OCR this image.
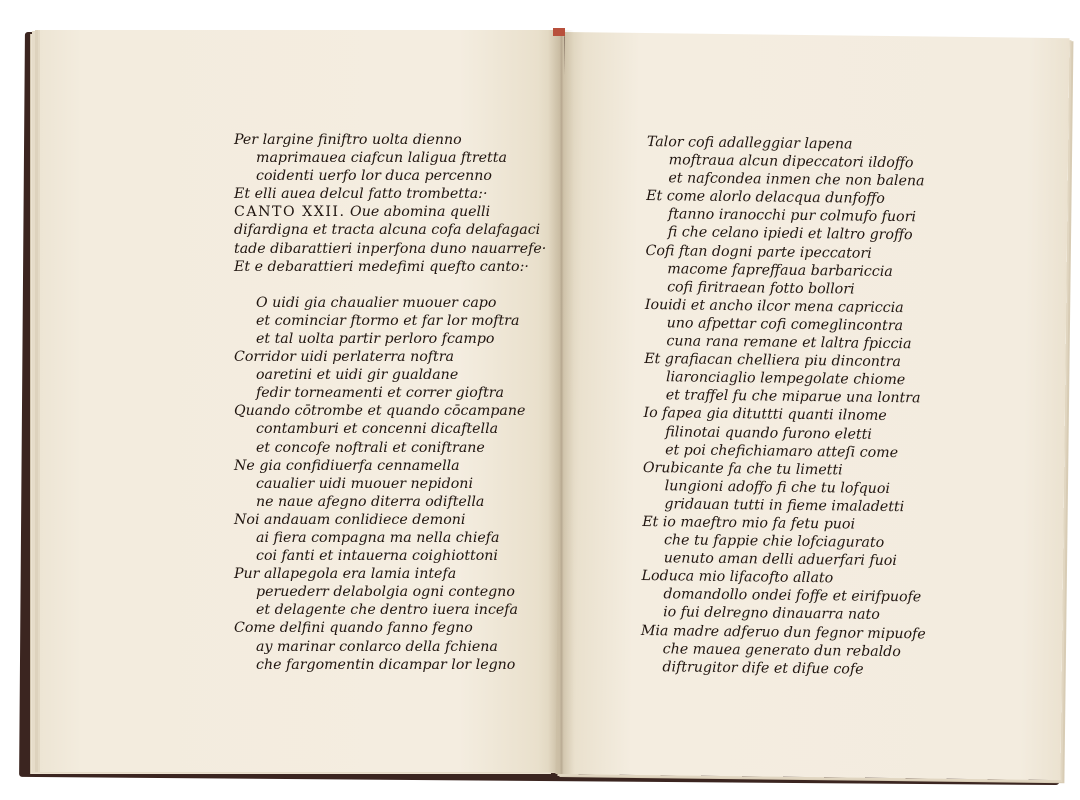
Per largine finiftro uolta dienno
maprimauea ciafcun laligua ftretta
coidenti uerfo lor duca percenno
Et elli auea delcul fatto trombetta:·
CANTO XXII. Oue abomina quelli
difardigna et tracta alcuna cofa delafagaci
tade dibarattieri inperfona duno nauarrefe·
Et e debarattieri medefimi quefto canto:·
O uidi gia chaualier muouer capo
et cominciar ftormo et far lor moftra
et tal uolta partir perloro fcampo
Corridor uidi perlaterra noftra
oaretini et uidi gir gualdane
fedir torneamenti et correr gioftra
Quando cōtrombe et quando cōcampane
contamburi et concenni dicaftella
et concofe noftrali et coniftrane
Ne gia confidiuerfa cennamella
caualier uidi muouer nepidoni
ne naue afegno diterra odiftella
Noi andauam conlidiece demoni
ai fiera compagna ma nella chiefa
coi fanti et intauerna coighiottoni
Pur allapegola era lamia intefa
peruederr delabolgia ogni contegno
et delagente che dentro iuera incefa
Come delfini quando fanno fegno
ay marinar conlarco della fchiena
che fargomentin dicampar lor legno
Talor cofi adalleggiar lapena
moftraua alcun dipeccatori ildoffo
et nafcondea inmen che non balena
Et come alorlo delacqua dunfoffo
ftanno iranocchi pur colmufo fuori
fi che celano ipiedi et laltro groffo
Cofi ftan dogni parte ipeccatori
macome fapreffaua barbariccia
cofi firitraean fotto bollori
Iouidi et ancho ilcor mena capriccia
uno afpettar cofi comeglincontra
cuna rana remane et laltra fpiccia
Et grafiacan chelliera piu dincontra
liaronciaglio lempegolate chiome
et traffel fu che miparue una lontra
Io fapea gia dituttti quanti ilnome
filinotai quando furono eletti
et poi chefichiamaro atteſi come
Orubicante fa che tu limetti
lungioni adoffo fi che tu lofquoi
gridauan tutti in fieme imaladetti
Et io maeftro mio fa fetu puoi
che tu fappie chie lofciagurato
uenuto aman delli aduerfari fuoi
Loduca mio lifacofto allato
domandollo ondei foffe et eirifpuofe
io fui delregno dinauarra nato
Mia madre adferuo dun fegnor mipuofe
che mauea generato dun rebaldo
diftrugitor dife et difue cofe
